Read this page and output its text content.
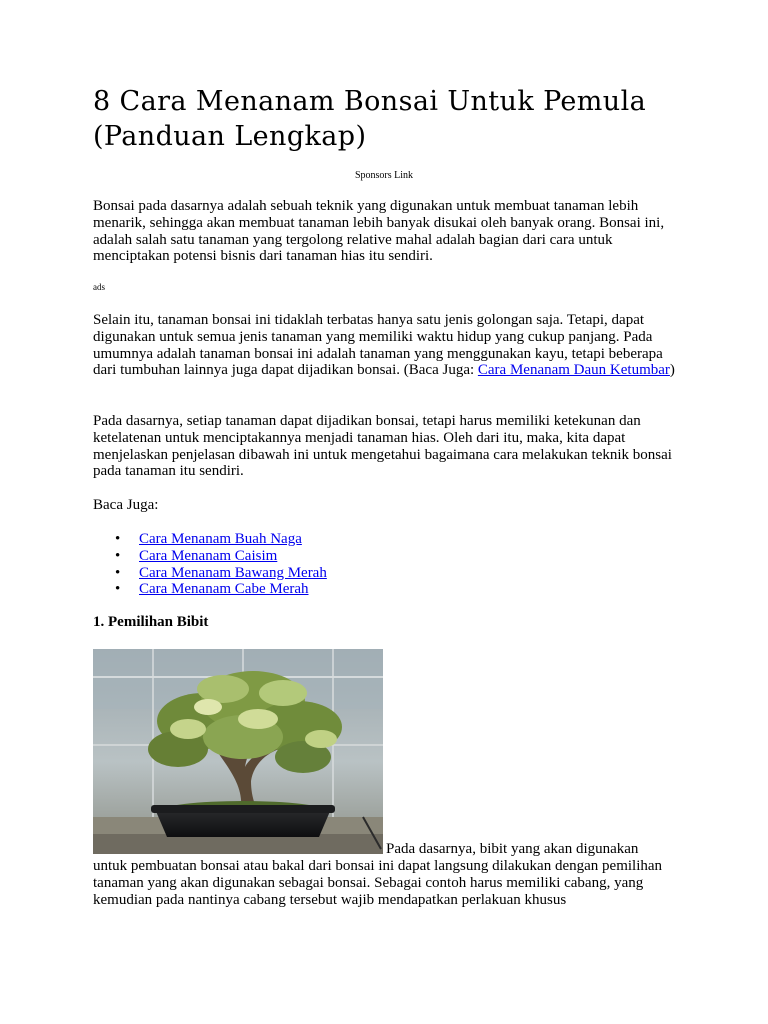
8 Cara Menanam Bonsai Untuk Pemula (Panduan Lengkap)
Sponsors Link

Bonsai pada dasarnya adalah sebuah teknik yang digunakan untuk membuat tanaman lebih menarik, sehingga akan membuat tanaman lebih banyak disukai oleh banyak orang. Bonsai ini, adalah salah satu tanaman yang tergolong relative mahal adalah bagian dari cara untuk menciptakan potensi bisnis dari tanaman hias itu sendiri.

ads

Selain itu, tanaman bonsai ini tidaklah terbatas hanya satu jenis golongan saja. Tetapi, dapat digunakan untuk semua jenis tanaman yang memiliki waktu hidup yang cukup panjang. Pada umumnya adalah tanaman bonsai ini adalah tanaman yang menggunakan kayu, tetapi beberapa dari tumbuhan lainnya juga dapat dijadikan bonsai. (Baca Juga: Cara Menanam Daun Ketumbar)

Pada dasarnya, setiap tanaman dapat dijadikan bonsai, tetapi harus memiliki ketekunan dan ketelatenan untuk menciptakannya menjadi tanaman hias. Oleh dari itu, maka, kita dapat menjelaskan penjelasan dibawah ini untuk mengetahui bagaimana cara melakukan teknik bonsai pada tanaman itu sendiri.

Baca Juga:

• Cara Menanam Buah Naga
• Cara Menanam Caisim
• Cara Menanam Bawang Merah
• Cara Menanam Cabe Merah
1. Pemilihan Bibit
Pada dasarnya, bibit yang akan digunakan

untuk pembuatan bonsai atau bakal dari bonsai ini dapat langsung dilakukan dengan pemilihan tanaman yang akan digunakan sebagai bonsai. Sebagai contoh harus memiliki cabang, yang kemudian pada nantinya cabang tersebut wajib mendapatkan perlakuan khusus
